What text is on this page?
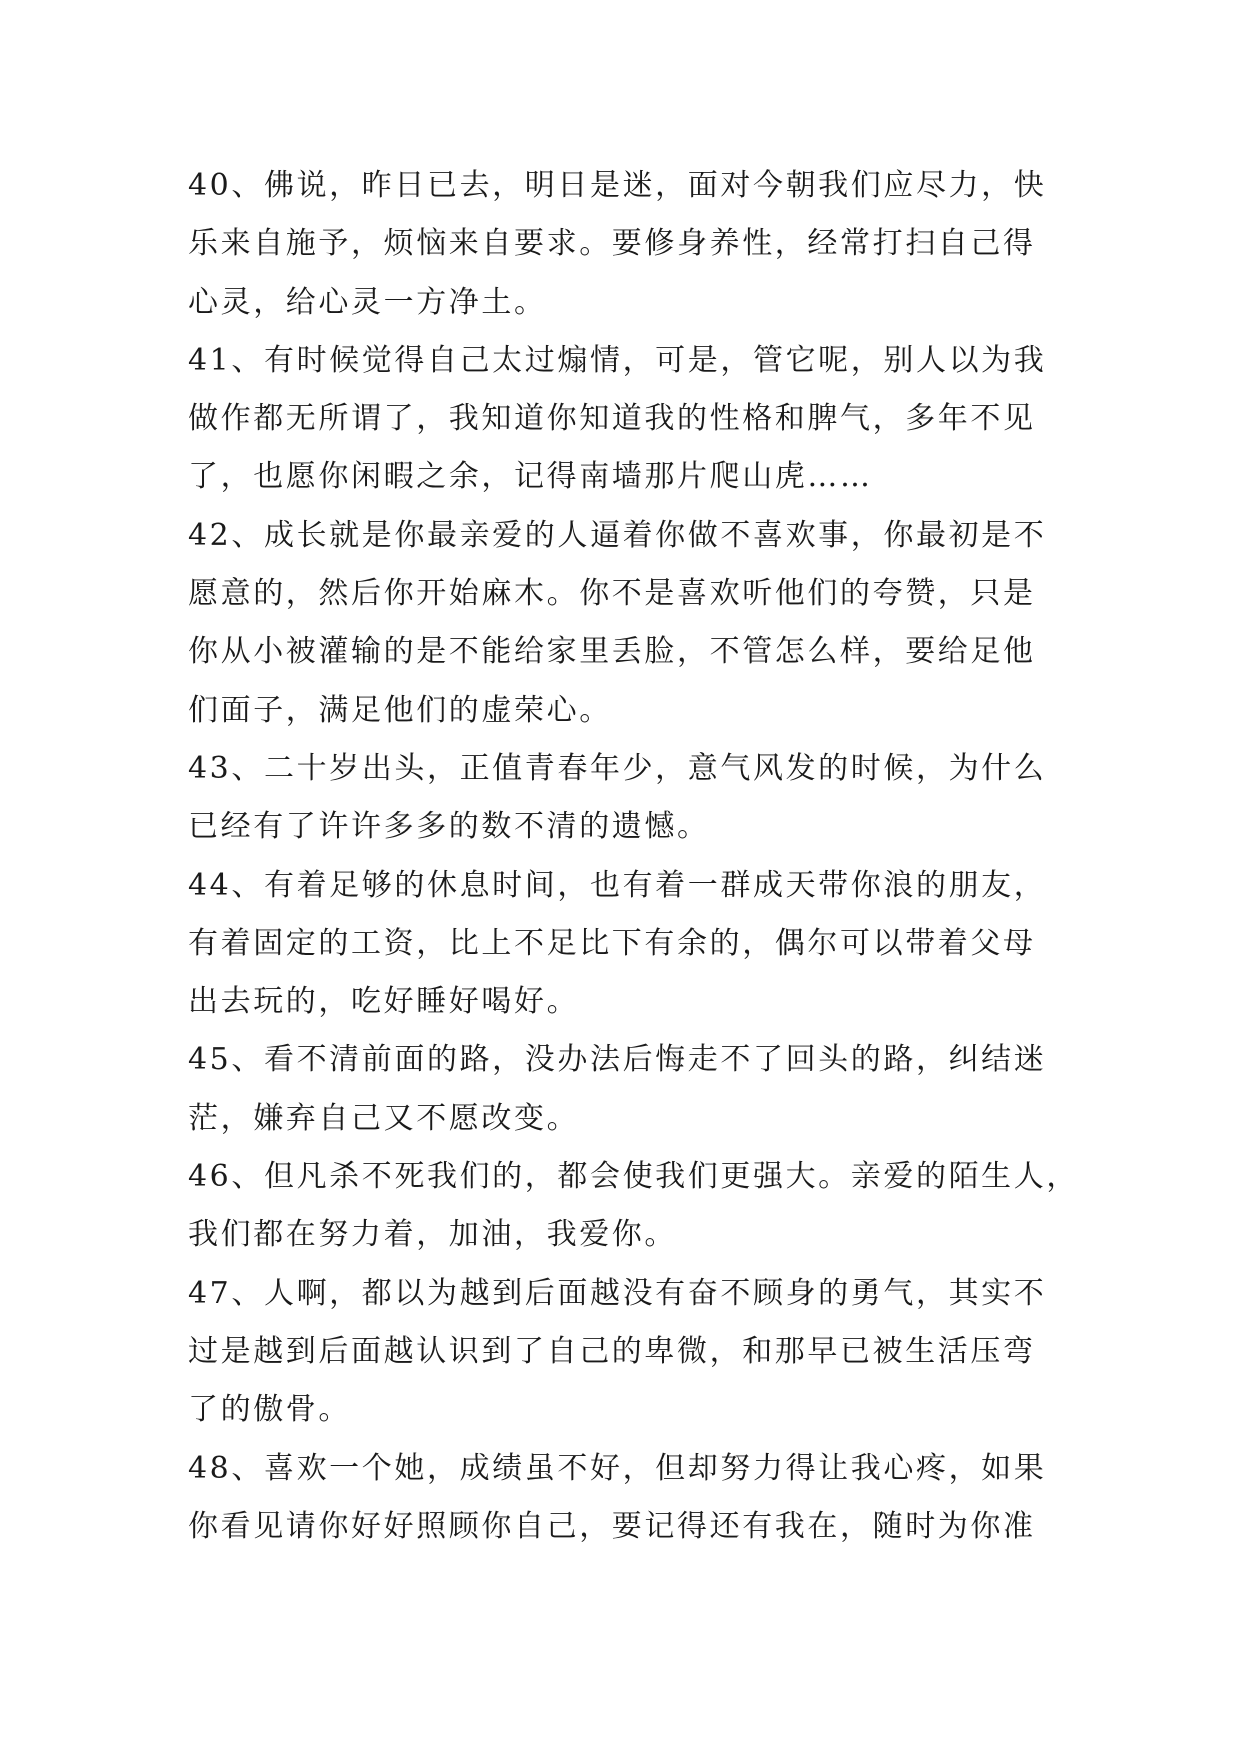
40、佛说，昨日已去，明日是迷，面对今朝我们应尽力，快
乐来自施予，烦恼来自要求。要修身养性，经常打扫自己得
心灵，给心灵一方净土。
41、有时候觉得自己太过煽情，可是，管它呢，别人以为我
做作都无所谓了，我知道你知道我的性格和脾气，多年不见
了，也愿你闲暇之余，记得南墙那片爬山虎……
42、成长就是你最亲爱的人逼着你做不喜欢事，你最初是不
愿意的，然后你开始麻木。你不是喜欢听他们的夸赞，只是
你从小被灌输的是不能给家里丢脸，不管怎么样，要给足他
们面子，满足他们的虚荣心。
43、二十岁出头，正值青春年少，意气风发的时候，为什么
已经有了许许多多的数不清的遗憾。
44、有着足够的休息时间，也有着一群成天带你浪的朋友，
有着固定的工资，比上不足比下有余的，偶尔可以带着父母
出去玩的，吃好睡好喝好。
45、看不清前面的路，没办法后悔走不了回头的路，纠结迷
茫，嫌弃自己又不愿改变。
46、但凡杀不死我们的，都会使我们更强大。亲爱的陌生人，
我们都在努力着，加油，我爱你。
47、人啊，都以为越到后面越没有奋不顾身的勇气，其实不
过是越到后面越认识到了自己的卑微，和那早已被生活压弯
了的傲骨。
48、喜欢一个她，成绩虽不好，但却努力得让我心疼，如果
你看见请你好好照顾你自己，要记得还有我在，随时为你准
